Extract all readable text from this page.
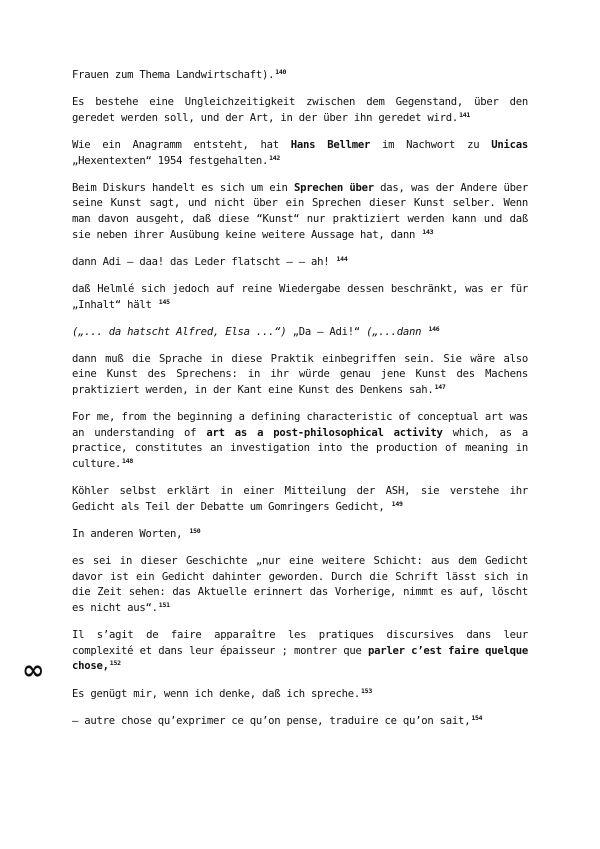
Frauen zum Thema Landwirtschaft).$^{140}$

Es bestehe eine Ungleichzeitigkeit zwischen dem Gegenstand, über den geredet werden soll, und der Art, in der über ihn geredet wird.$^{141}$

Wie ein Anagramm entsteht, hat Hans Bellmer im Nachwort zu Unicas „Hexentexten“ 1954 festgehalten.$^{142}$

Beim Diskurs handelt es sich um ein Sprechen über das, was der Andere über seine Kunst sagt, und nicht über ein Sprechen dieser Kunst selber. Wenn man davon ausgeht, daß diese “Kunst“ nur praktiziert werden kann und daß sie neben ihrer Ausübung keine weitere Aussage hat, dann $^{143}$

dann Adi – daa! das Leder flatscht – – ah! $^{144}$

daß Helmlé sich jedoch auf reine Wiedergabe dessen beschränkt, was er für „Inhalt“ hält $^{145}$

(„... da hatscht Alfred, Elsa ...“) „Da – Adi!“ („...dann $^{146}$

dann muß die Sprache in diese Praktik einbegriffen sein. Sie wäre also eine Kunst des Sprechens: in ihr würde genau jene Kunst des Machens praktiziert werden, in der Kant eine Kunst des Denkens sah.$^{147}$

For me, from the beginning a defining characteristic of conceptual art was an understanding of art as a post-philosophical activity which, as a practice, constitutes an investigation into the production of meaning in culture.$^{148}$

Köhler selbst erklärt in einer Mitteilung der ASH, sie verstehe ihr Gedicht als Teil der Debatte um Gomringers Gedicht, $^{149}$

In anderen Worten, $^{150}$

es sei in dieser Geschichte „nur eine weitere Schicht: aus dem Gedicht davor ist ein Gedicht dahinter geworden. Durch die Schrift lässt sich in die Zeit sehen: das Aktuelle erinnert das Vorherige, nimmt es auf, löscht es nicht aus“.$^{151}$

Il s’agit de faire apparaître les pratiques discursives dans leur complexité et dans leur épaisseur ; montrer que parler c’est faire quelque chose,$^{152}$

Es genügt mir, wenn ich denke, daß ich spreche.$^{153}$

– autre chose qu’exprimer ce qu’on pense, traduire ce qu’on sait,$^{154}$

∞
